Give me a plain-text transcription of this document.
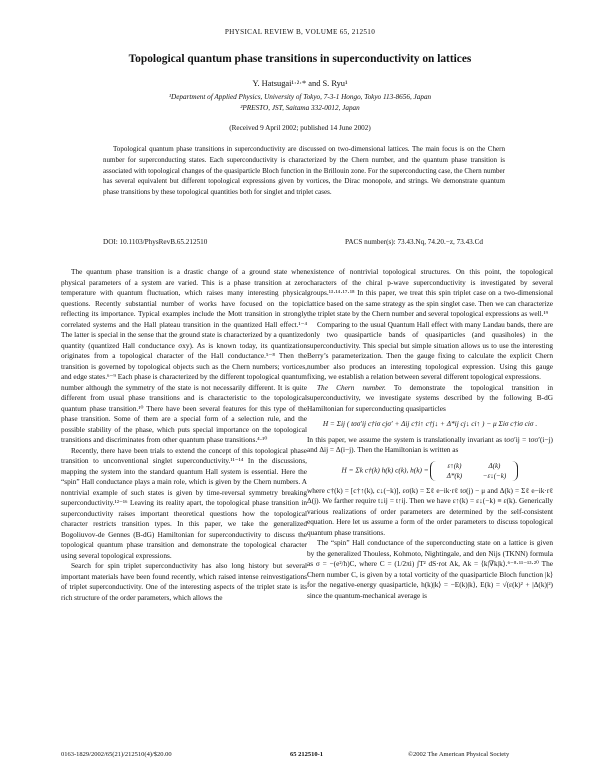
PHYSICAL REVIEW B, VOLUME 65, 212510
Topological quantum phase transitions in superconductivity on lattices
Y. Hatsugai¹·²·* and S. Ryu¹
¹Department of Applied Physics, University of Tokyo, 7-3-1 Hongo, Tokyo 113-8656, Japan
²PRESTO, JST, Saitama 332-0012, Japan
(Received 9 April 2002; published 14 June 2002)

Topological quantum phase transitions in superconductivity are discussed on two-dimensional lattices. The main focus is on the Chern number for superconducting states. Each superconductivity is characterized by the Chern number, and the quantum phase transition is associated with topological changes of the quasiparticle Bloch function in the Brillouin zone. For the superconducting case, the Chern number has several equivalent but different topological expressions given by vortices, the Dirac monopole, and strings. We demonstrate quantum phase transitions by these topological quantities both for singlet and triplet cases.

DOI: 10.1103/PhysRevB.65.212510	PACS number(s): 73.43.Nq, 74.20.−z, 73.43.Cd

The quantum phase transition is a drastic change of a ground state when physical parameters of a system are varied. This is a phase transition at zero temperature with quantum fluctuation, which raises many interesting physical questions. Recently substantial number of works have focused on the topic reflecting its importance. Typical examples include the Mott transition in strongly correlated systems and the Hall plateau transition in the quantized Hall effect.¹⁻⁴ The latter is special in the sense that the ground state is characterized by a quantized quantity (quantized Hall conductance σxy). As is known today, its quantization originates from a topological character of the Hall conductance.⁵⁻⁸ Then the transition is governed by topological objects such as the Chern numbers; vortices, and edge states.⁶⁻⁹ Each phase is characterized by the different topological quantum number although the symmetry of the state is not necessarily different. It is quite different from usual phase transitions and is characteristic to the topological quantum phase transition.¹⁰ There have been several features for this type of the phase transition. Some of them are a special form of a selection rule, and the possible stability of the phase, which puts special importance on the topological transitions and discriminates from other quantum phase transitions.⁴·¹⁰

Recently, there have been trials to extend the concept of this topological phase transition to unconventional singlet superconductivity.¹¹⁻¹⁴ In the discussions, mapping the system into the standard quantum Hall system is essential. Here the “spin” Hall conductance plays a main role, which is given by the Chern numbers. A nontrivial example of such states is given by time-reversal symmetry breaking superconductivity.¹²⁻¹⁶ Leaving its reality apart, the topological phase transition in superconductivity raises important theoretical questions how the topological character restricts transition types. In this paper, we take the generalized Bogoliuvov-de Gennes (B-dG) Hamiltonian for superconductivity to discuss the topological quantum phase transition and demonstrate the topological character using several topological expressions.

Search for spin triplet superconductivity has also long history but several important materials have been found recently, which raised intense reinvestigations of triplet superconductivity. One of the interesting aspects of the triplet state is its rich structure of the order parameters, which allows the

existence of nontrivial topological structures. On this point, the topological characters of the chiral p-wave superconductivity is investigated by several groups.¹³·¹⁴·¹⁷·¹⁸ In this paper, we treat this spin triplet case on a two-dimensional lattice based on the same strategy as the spin singlet case. Then we can characterize the triplet state by the Chern number and several topological expressions as well.¹⁹

Comparing to the usual Quantum Hall effect with many Landau bands, there are only two quasiparticle bands of quasiparticles (and quasiholes) in the superconductivity. This special but simple situation allows us to use the interesting Berry’s parameterization. Then the gauge fixing to calculate the explicit Chern number also produces an interesting topological expression. Using this gauge fixing, we establish a relation between several different topological expressions.

The Chern number. To demonstrate the topological transition in superconductivity, we investigate systems described by the following B-dG Hamiltonian for superconducting quasiparticles

H = Σij ( tσσ′ij c†iσ cjσ′ + Δij c†i↑ c†j↓ + Δ*ij cj↓ ci↑ ) − μ Σiσ c†iσ ciσ .

In this paper, we assume the system is translationally invariant as tσσ′ij = tσσ′(i−j) and Δij = Δ(i−j). Then the Hamiltonian is written as

H = Σk c†(k) h(k) c(k), h(k) =	ε↑(k)	Δ(k)
Δ*(k)	−ε↓(−k)

where c†(k) = [c†↑(k), c↓(−k)], εσ(k) = Σℓ e−ik·rℓ tσ(j) − μ and Δ(k) = Σℓ e−ik·rℓ Δ(j). We farther require t↓ij = t↑ij. Then we have ε↑(k) = ε↓(−k) ≡ ε(k). Generically various realizations of order parameters are determined by the self-consistent equation. Here let us assume a form of the order parameters to discuss topological quantum phase transitions.

The “spin” Hall conductance of the superconducting state on a lattice is given by the generalized Thouless, Kohmoto, Nightingale, and den Nijs (TKNN) formula as σ = −(e²/h)C, where C = (1/2πi) ∫T² dS·rot Ak, Ak = ⟨k|∇k|k⟩.⁶⁻⁸·¹¹⁻¹³·²⁰ The Chern number C, is given by a total vorticity of the quasiparticle Bloch function |k⟩ for the negative-energy quasiparticle, h(k)|k⟩ = −E(k)|k⟩, E(k) = √(ε(k)² + |Δ(k)|²) since the quantum-mechanical average is

0163-1829/2002/65(21)/212510(4)/$20.00	65 212510-1	©2002 The American Physical Society
